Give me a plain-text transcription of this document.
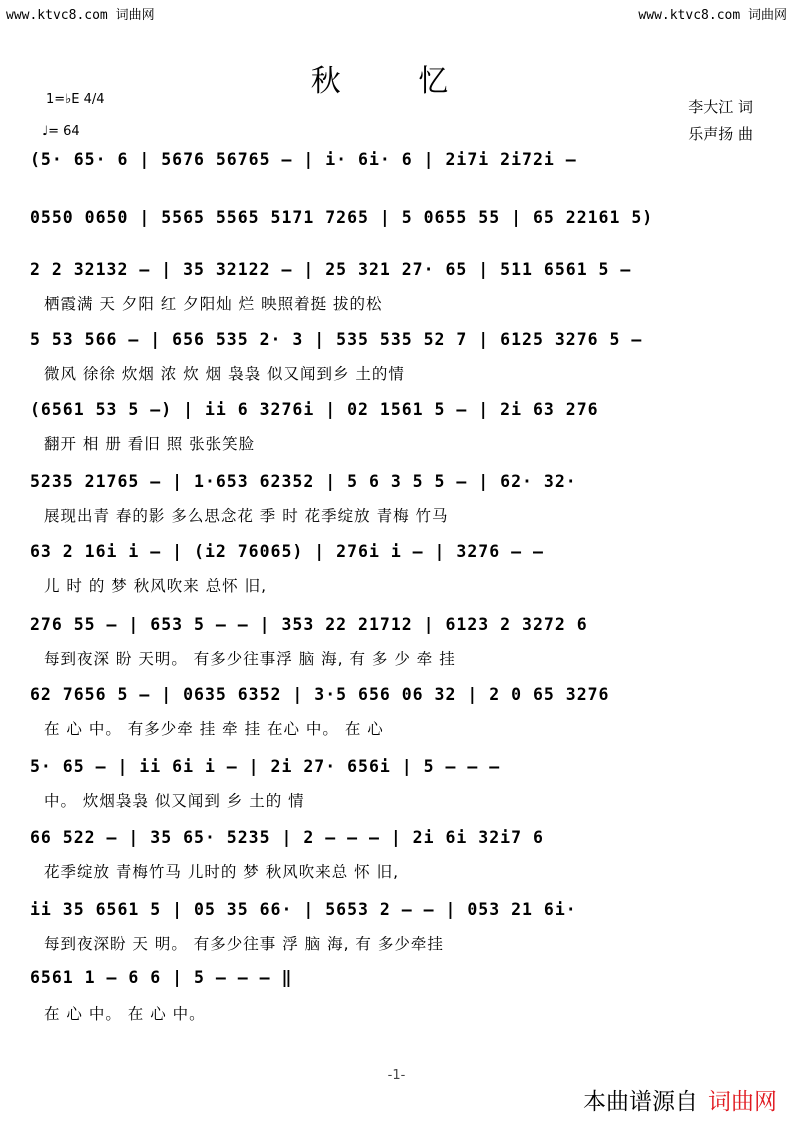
www.ktvc8.com 词曲网	www.ktvc8.com 词曲网
秋 忆
1=♭E 4/4
♩= 64
李大江 词
乐声扬 曲
(5· 65· 6 | 5676 56765 – | i· 6i· 6 | 2i7i 2i72i –
0550 0650 | 5565 5565 5171 7265 | 5 0655 55 | 65 22161 5)
2 2 32132 – | 35 32122 – | 25 321 27· 65 | 511 6561 5 –
栖霞满 天 夕阳 红 夕阳灿 烂 映照着挺 拔的松
5 53 566 – | 656 535 2· 3 | 535 535 52 7 | 6125 3276 5 –
微风 徐徐 炊烟 浓 炊 烟 袅袅 似又闻到乡 土的情
(6561 53 5 –) | ii 6 3276i | 02 1561 5 – | 2i 63 276
翻开 相 册 看旧 照 张张笑脸
5235 21765 – | 1·653 62352 | 5 6 3 5 5 – | 62· 32·
展现出青 春的影 多么思念花 季 时 花季绽放 青梅 竹马
63 2 16i i – | (i2 76065) | 276i i – | 3276 – –
儿 时 的 梦 秋风吹来 总怀 旧,
276 55 – | 653 5 – – | 353 22 21712 | 6123 2 3272 6
每到夜深 盼 天明。 有多少往事浮 脑 海, 有 多 少 牵 挂
62 7656 5 – | 0635 6352 | 3·5 656 06 32 | 2 0 65 3276
在 心 中。 有多少牵 挂 牵 挂 在心 中。 在 心
5· 65 – | ii 6i i – | 2i 27· 656i | 5 – – –
中。 炊烟袅袅 似又闻到 乡 土的 情
66 522 – | 35 65· 5235 | 2 – – – | 2i 6i 32i7 6
花季绽放 青梅竹马 儿时的 梦 秋风吹来总 怀 旧,
ii 35 6561 5 | 05 35 66· | 5653 2 – – | 053 21 6i·
每到夜深盼 天 明。 有多少往事 浮 脑 海, 有 多少牵挂
6561 1 – 6 6 | 5 – – – ‖
在 心 中。 在 心 中。
-1-
本曲谱源自 词曲网
